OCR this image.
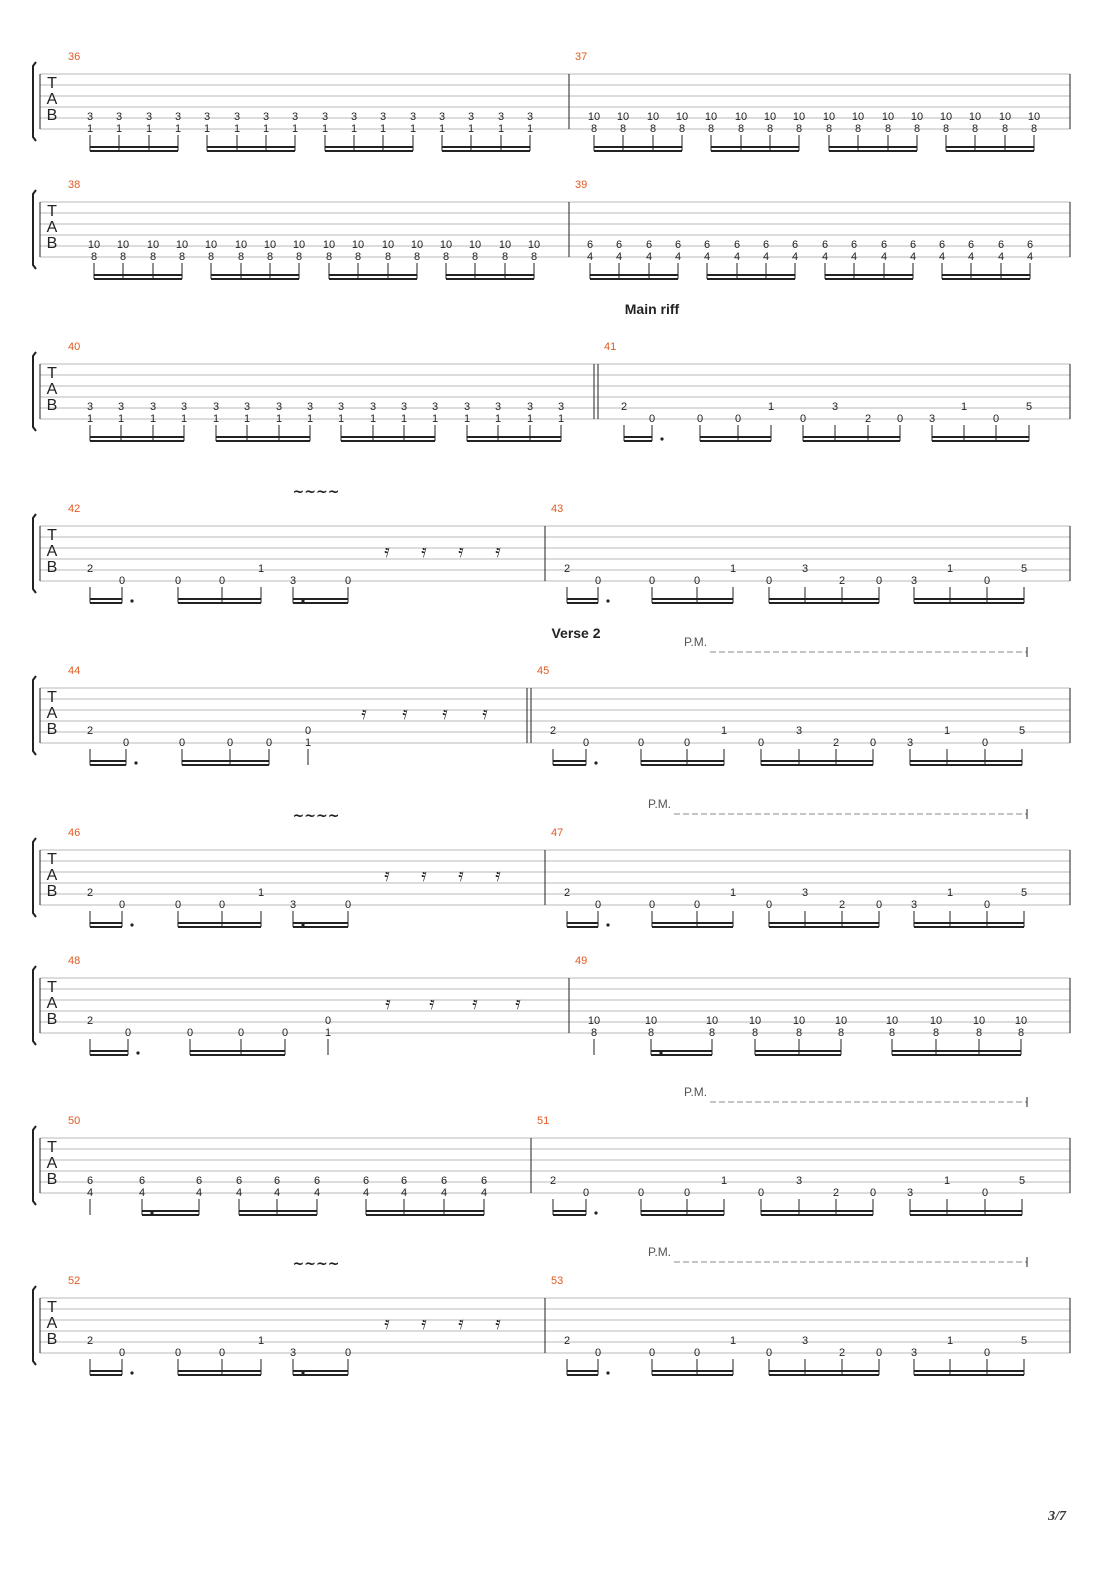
T
A
B
36
3
1
3
1
3
1
3
1
3
1
3
1
3
1
3
1
3
1
3
1
3
1
3
1
3
1
3
1
3
1
3
1
37
10
8
10
8
10
8
10
8
10
8
10
8
10
8
10
8
10
8
10
8
10
8
10
8
10
8
10
8
10
8
10
8
T
A
B
38
10
8
10
8
10
8
10
8
10
8
10
8
10
8
10
8
10
8
10
8
10
8
10
8
10
8
10
8
10
8
10
8
39
6
4
6
4
6
4
6
4
6
4
6
4
6
4
6
4
6
4
6
4
6
4
6
4
6
4
6
4
6
4
6
4
T
A
B
Main riff
40
3
1
3
1
3
1
3
1
3
1
3
1
3
1
3
1
3
1
3
1
3
1
3
1
3
1
3
1
3
1
3
1
41
2
0	0	0
1
0
3
2 0 3
1
0
5
T
A
B
~~~~
42
2
0	0	0
1
3	0
𝄿 𝄿 𝄿 𝄿
43
2
0	0	0
1
0
3
2	0	3
1
0
5
T
A
B
Verse 2
P.M.
44
2
0	0	0	0
0
1
𝄿 𝄿 𝄿 𝄿
45
2
0	0	0
1
0
3
2	0	3
1
0
5
T
A
B
~~~~
P.M.
46
2
0	0	0
1
3	0
𝄿 𝄿 𝄿 𝄿
47
2
0	0	0
1
0
3
2	0	3
1
0
5
T
A
B
48
2
0	0	0	0
0
1
𝄿 𝄿 𝄿 𝄿
49
10
8
10
8
10
8
10
8
10
8
10
8
10
8
10
8
10
8
10
8
T
A
B
P.M.
50
6
4
6
4
6
4
6
4
6
4
6
4
6
4
6
4
6
4
6
4
51
2
0	0	0
1
0
3
2	0	3
1
0
5
T
A
B
~~~~
P.M.
52
2
0	0	0
1
3	0
𝄿 𝄿 𝄿 𝄿
53
2
0	0	0
1
0
3
2	0	3
1
0
5
3/7
